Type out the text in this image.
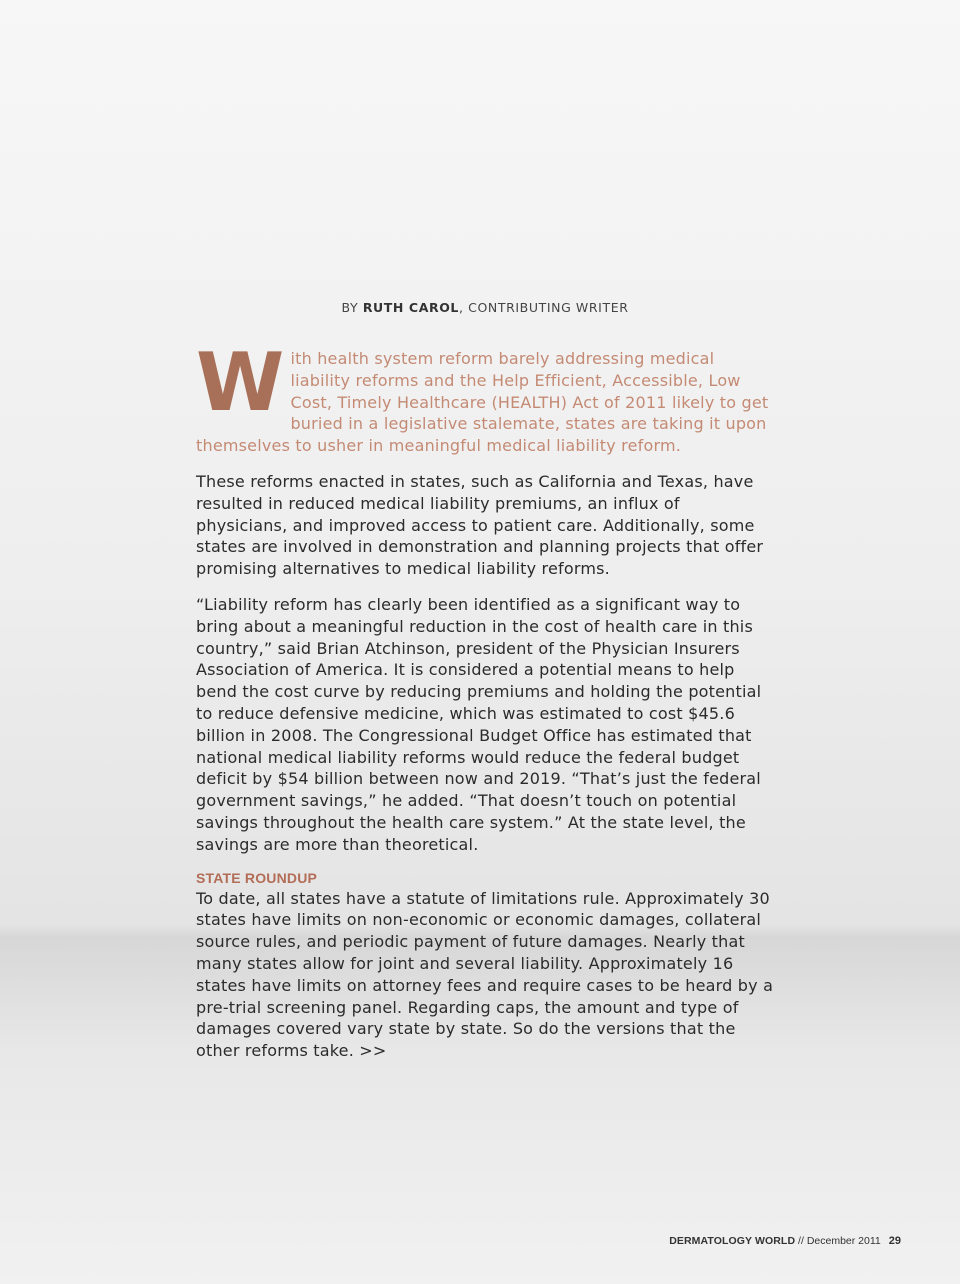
BY RUTH CAROL, CONTRIBUTING WRITER

With health system reform barely addressing medical liability reforms and the Help Efficient, Accessible, Low Cost, Timely Healthcare (HEALTH) Act of 2011 likely to get buried in a legislative stalemate, states are taking it upon themselves to usher in meaningful medical liability reform.

These reforms enacted in states, such as California and Texas, have resulted in reduced medical liability premiums, an influx of physicians, and improved access to patient care. Additionally, some states are involved in demonstration and planning projects that offer promising alternatives to medical liability reforms.

“Liability reform has clearly been identified as a significant way to bring about a meaningful reduction in the cost of health care in this country,” said Brian Atchinson, president of the Physician Insurers Association of America. It is considered a potential means to help bend the cost curve by reducing premiums and holding the potential to reduce defensive medicine, which was estimated to cost $45.6 billion in 2008. The Congressional Budget Office has estimated that national medical liability reforms would reduce the federal budget deficit by $54 billion between now and 2019. “That’s just the federal government savings,” he added. “That doesn’t touch on potential savings throughout the health care system.” At the state level, the savings are more than theoretical.

STATE ROUNDUP

To date, all states have a statute of limitations rule. Approximately 30 states have limits on non-economic or economic damages, collateral source rules, and periodic payment of future damages. Nearly that many states allow for joint and several liability. Approximately 16 states have limits on attorney fees and require cases to be heard by a pre-trial screening panel. Regarding caps, the amount and type of damages covered vary state by state. So do the versions that the other reforms take. >>

DERMATOLOGY WORLD // December 2011 29
